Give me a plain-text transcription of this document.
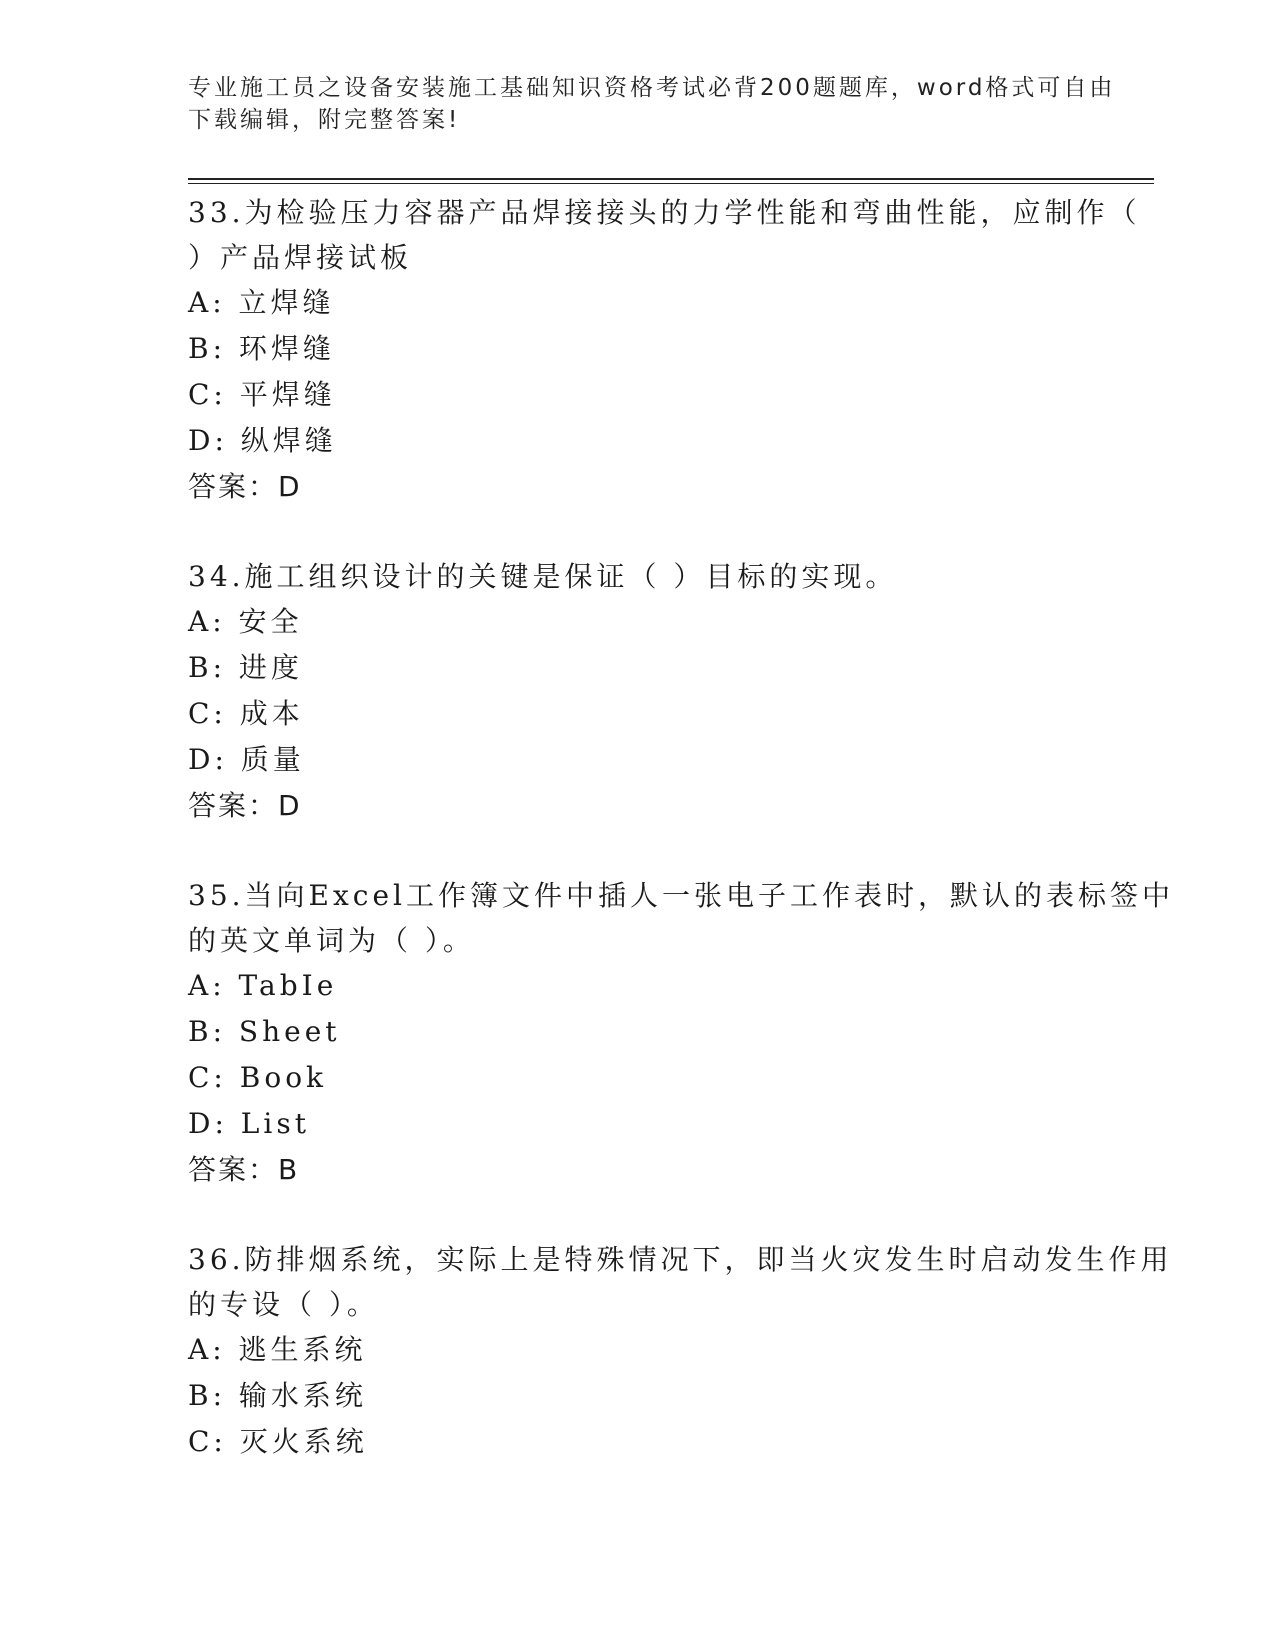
专业施工员之设备安装施工基础知识资格考试必背200题题库，word格式可自由
下载编辑，附完整答案!
33.为检验压力容器产品焊接接头的力学性能和弯曲性能，应制作（
）产品焊接试板
A: 立焊缝
B: 环焊缝
C: 平焊缝
D: 纵焊缝
答案：D
34.施工组织设计的关键是保证（ ）目标的实现。
A: 安全
B: 进度
C: 成本
D: 质量
答案：D
35.当向Excel工作簿文件中插人一张电子工作表时，默认的表标签中
的英文单词为（ ）。
A: TabIe
B: Sheet
C: Book
D: List
答案：B
36.防排烟系统，实际上是特殊情况下，即当火灾发生时启动发生作用
的专设（ ）。
A: 逃生系统
B: 输水系统
C: 灭火系统
